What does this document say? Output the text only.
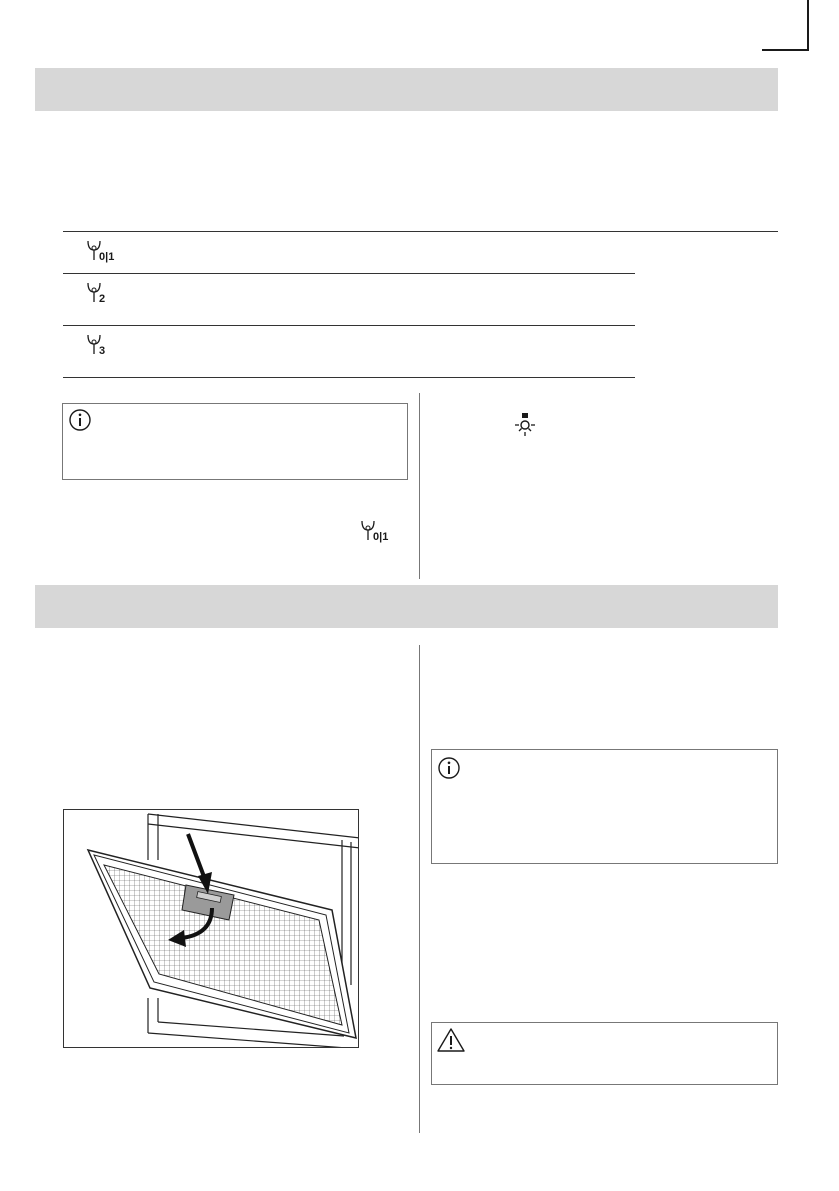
0|1
2
3
0|1
